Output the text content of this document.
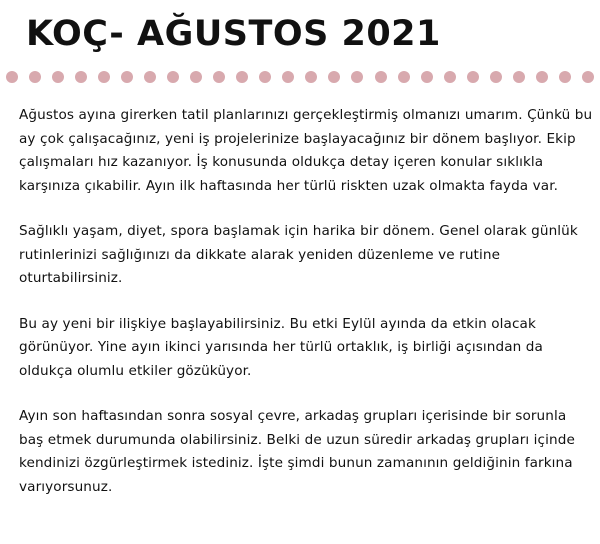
KOÇ- AĞUSTOS 2021

Ağustos ayına girerken tatil planlarınızı gerçekleştirmiş olmanızı umarım. Çünkü bu ay çok çalışacağınız, yeni iş projelerinize başlayacağınız bir dönem başlıyor. Ekip çalışmaları hız kazanıyor. İş konusunda oldukça detay içeren konular sıklıkla karşınıza çıkabilir. Ayın ilk haftasında her türlü riskten uzak olmakta fayda var.

Sağlıklı yaşam, diyet, spora başlamak için harika bir dönem. Genel olarak günlük rutinlerinizi sağlığınızı da dikkate alarak yeniden düzenleme ve rutine oturtabilirsiniz.

Bu ay yeni bir ilişkiye başlayabilirsiniz. Bu etki Eylül ayında da etkin olacak görünüyor. Yine ayın ikinci yarısında her türlü ortaklık, iş birliği açısından da oldukça olumlu etkiler gözüküyor.

Ayın son haftasından sonra sosyal çevre, arkadaş grupları içerisinde bir sorunla baş etmek durumunda olabilirsiniz. Belki de uzun süredir arkadaş grupları içinde kendinizi özgürleştirmek istediniz. İşte şimdi bunun zamanının geldiğinin farkına varıyorsunuz.
